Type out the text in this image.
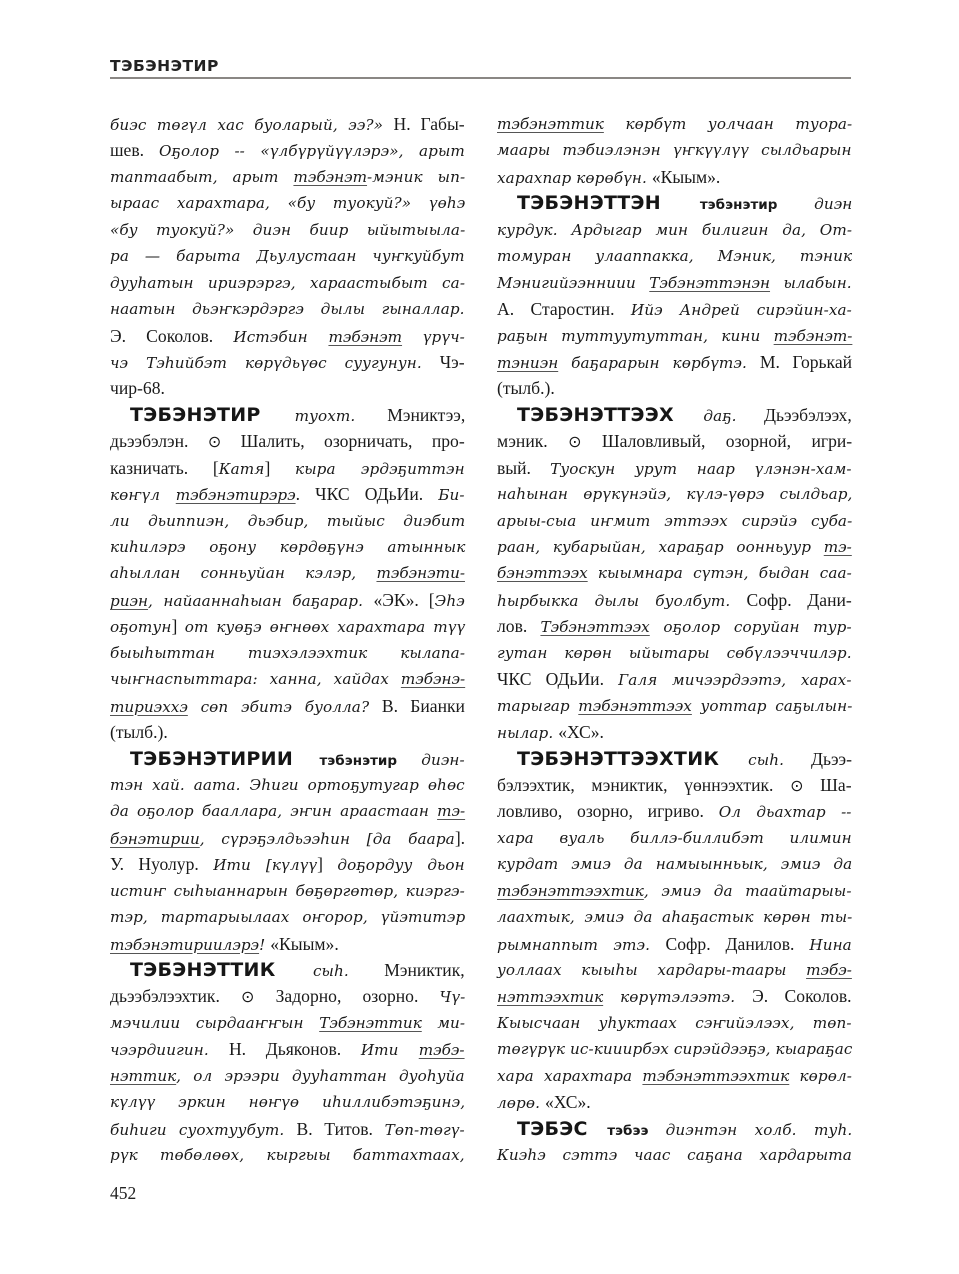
ТЭБЭНЭТИР
биэс тɵгүл хас буоларый, ээ?» Н. Габы-
шев. Оҕолор -- «үлбүрүйүүлэрэ», арыт
таптаабыт, арыт тэбэнэт-мэник ып-
ыраас харахтара, «бу туокуй?» үɵһэ
«бу туокуй?» диэн биир ыйытыыла-
ра — барыта Дьулустаан чуҥкуйбут
дууһатын ириэрэргэ, хараастыбыт са-
наатын дьэҥкэрдэргэ дылы гыналлар.
Э. Соколов. Истэбин тэбэнэт үрүч-
чэ Тэһийбэт кɵрүдьүɵс суугунун. Чэ-
чир-68.
ТЭБЭНЭТИР туохт. Мэниктээ,
дьээбэлэн. ⊙ Шалить, озорничать, про-
казничать. [Катя] кыра эрдэҕиттэн
кɵҥүл тэбэнэтирэрэ. ЧКС ОДьИи. Би-
ли дьиппиэн, дьэбир, тыйыс диэбит
киһилэрэ оҕону кɵрдɵҕүнэ атыннык
аһыллан сонньуйан кэлэр, тэбэнэти-
риэн, найааннаһыан баҕарар. «ЭК». [Эһэ
оҕотун] от куɵҕэ ɵҥнɵɵх харахтара түү
быыһыттан тиэхэлээхтик кылапа-
чыҥнаспыттара: ханна, хайдах тэбэнэ-
тириэххэ сɵп эбитэ буолла? В. Бианки
(тылб.).
ТЭБЭНЭТИРИИ тэбэнэтир диэн-
тэн хай. аата. Эһиги ортоҕутугар ɵһɵс
да оҕолор бааллара, эҥин араастаан тэ-
бэнэтирии, сүрэҕэлдьээһин [да баара].
У. Нуолур. Ити [күлүү] доҕордуу дьон
истиҥ сыһыаннарын бɵҕɵргɵтɵр, киэргэ-
тэр, тартарыылаах оҥорор, үйэтитэр
тэбэнэтириилэрэ! «Кыым».
ТЭБЭНЭТТИК сыһ. Мэниктик,
дьээбэлээхтик. ⊙ Задорно, озорно. Чү-
мэчилии сырдааҥҥын Тэбэнэттик ми-
чээрдиигин. Н. Дьяконов. Ити тэбэ-
нэттик, ол эрээри дууһаттан дуоһуйа
күлүү эркин нɵҥүɵ иһиллибэтэҕинэ,
биһиги суохтуубут. В. Титов. Тɵп-тɵгү-
рүк тɵбɵлɵɵх, кыргыы баттахтаах,
тэбэнэттик кɵрбүт уолчаан туора-
маары тэбиэлэнэн үҥкүүлүү сылдьарын
харахпар кɵрɵбүн. «Кыым».
ТЭБЭНЭТТЭН тэбэнэтир диэн
курдук. Ардыгар мин билигин да, От-
томуран улааппакка, Мэник, тэник
Мэнигийээнниии Тэбэнэттэнэн ылабын.
А. Старостин. Ийэ Андрей сирэйин-ха-
раҕын туттуутуттан, кини тэбэнэт-
тэниэн баҕарарын кɵрбүтэ. М. Горькай
(тылб.).
ТЭБЭНЭТТЭЭХ даҕ. Дьээбэлээх,
мэник. ⊙ Шаловливый, озорной, игри-
вый. Туоскун урут наар үлэнэн-хам-
наһынан ɵрүкүнэйэ, күлэ-үɵрэ сылдьар,
арыы-сыа иҥмит эттээх сирэйэ суба-
раан, кубарыйан, хараҕар оонньуур тэ-
бэнэттээх кыымнара сүтэн, быдан саа-
һырбыкка дылы буолбут. Софр. Дани-
лов. Тэбэнэттээх оҕолор соруйан тур-
гутан кɵрɵн ыйытары сɵбүлээччилэр.
ЧКС ОДьИи. Галя мичээрдээтэ, харах-
тарыгар тэбэнэттээх уоттар саҕылын-
нылар. «ХС».
ТЭБЭНЭТТЭЭХТИК сыһ. Дьээ-
бэлээхтик, мэниктик, үɵннээхтик. ⊙ Ша-
ловливо, озорно, игриво. Ол дьахтар --
хара вуаль биллэ-биллибэт илимин
курдат эмиэ да намыынньык, эмиэ да
тэбэнэттээхтик, эмиэ да таайтарыы-
лаахтык, эмиэ да аһаҕастык кɵрɵн ты-
рымнаппыт этэ. Софр. Данилов. Нина
уоллаах кыыһы хардары-таары тэбэ-
нэттээхтик кɵрүтэлээтэ. Э. Соколов.
Кыысчаан уһуктаах сэҥийэлээх, тɵп-
тɵгүрүк ис-кииирбэх сирэйдээҕэ, кыараҕас
хара харахтара тэбэнэттээхтик кɵрɵл-
лɵрɵ. «ХС».
ТЭБЭС тэбээ диэнтэн холб. туһ.
Киэһэ сэттэ чаас саҕана хардарыта
452
